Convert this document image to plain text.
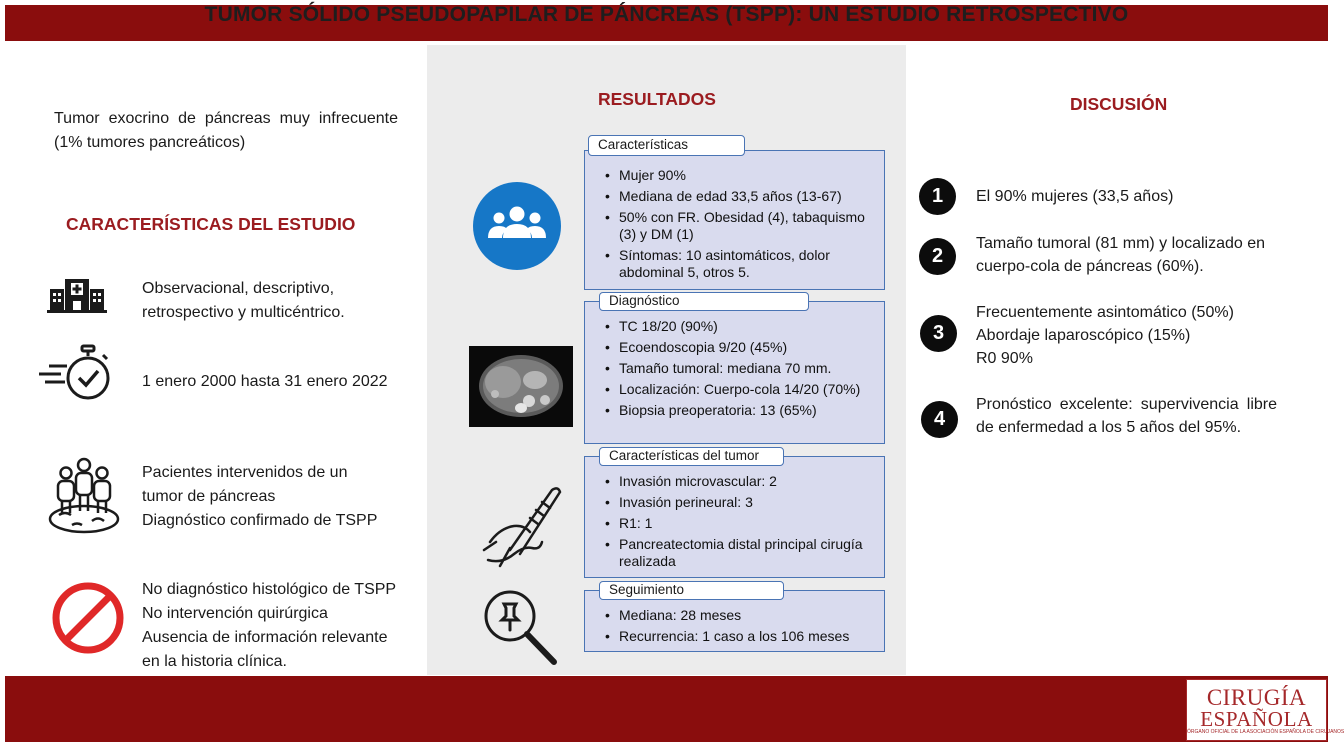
TUMOR SÓLIDO PSEUDOPAPILAR DE PÁNCREAS (TSPP): UN ESTUDIO RETROSPECTIVO
Tumor exocrino de páncreas muy infrecuente (1% tumores pancreáticos)
CARACTERÍSTICAS DEL ESTUDIO
Observacional, descriptivo, retrospectivo y multicéntrico.
1 enero 2000 hasta 31 enero 2022
Pacientes intervenidos de un
tumor de páncreas
Diagnóstico confirmado de TSPP
No diagnóstico histológico de TSPP
No intervención quirúrgica
Ausencia de información relevante
en la historia clínica.
RESULTADOS
• Mujer 90%
• Mediana de edad 33,5 años (13-67)
• 50% con FR. Obesidad (4), tabaquismo (3) y DM (1)
• Síntomas: 10 asintomáticos, dolor abdominal 5, otros 5.
Características
• TC 18/20 (90%)
• Ecoendoscopia 9/20 (45%)
• Tamaño tumoral: mediana 70 mm.
• Localización: Cuerpo-cola 14/20 (70%)
• Biopsia preoperatoria: 13 (65%)
Diagnóstico
• Invasión microvascular: 2
• Invasión perineural: 3
• R1: 1
• Pancreatectomia distal principal cirugía realizada
Características del tumor
• Mediana: 28 meses
• Recurrencia: 1 caso a los 106 meses
Seguimiento
DISCUSIÓN
1	El 90% mujeres (33,5 años)
2
Tamaño tumoral (81 mm) y localizado en cuerpo-cola de páncreas (60%).
3
Frecuentemente asintomático (50%)
Abordaje laparoscópico (15%)
R0 90%
4
Pronóstico excelente: supervivencia libre de enfermedad a los 5 años del 95%.
CIRUGÍA
ESPAÑOLA
ÓRGANO OFICIAL DE LA ASOCIACIÓN ESPAÑOLA DE CIRUJANOS
